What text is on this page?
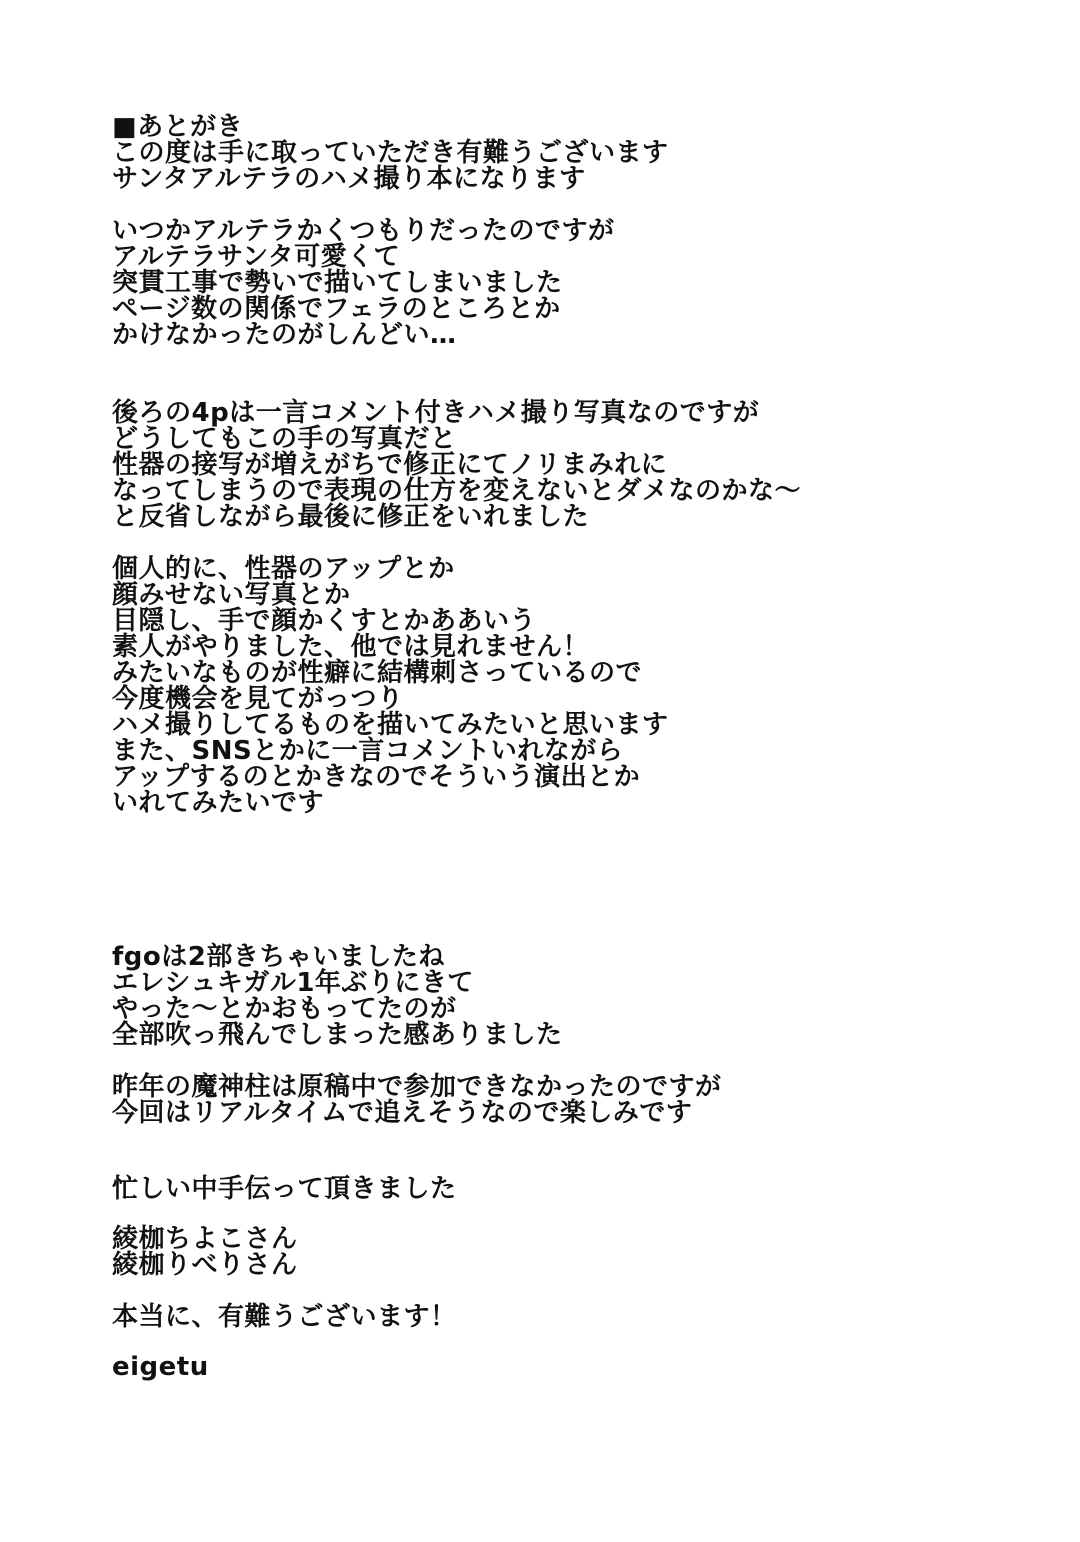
■あとがき
この度は手に取っていただき有難うございます
サンタアルテラのハメ撮り本になります
いつかアルテラかくつもりだったのですが
アルテラサンタ可愛くて
突貫工事で勢いで描いてしまいました
ページ数の関係でフェラのところとか
かけなかったのがしんどい…
後ろの4pは一言コメント付きハメ撮り写真なのですが
どうしてもこの手の写真だと
性器の接写が増えがちで修正にてノリまみれに
なってしまうので表現の仕方を変えないとダメなのかな〜
と反省しながら最後に修正をいれました
個人的に、性器のアップとか
顔みせない写真とか
目隠し、手で顔かくすとかああいう
素人がやりました、他では見れません！
みたいなものが性癖に結構刺さっているので
今度機会を見てがっつり
ハメ撮りしてるものを描いてみたいと思います
また、SNSとかに一言コメントいれながら
アップするのとかきなのでそういう演出とか
いれてみたいです
fgoは2部きちゃいましたね
エレシュキガル1年ぶりにきて
やった〜とかおもってたのが
全部吹っ飛んでしまった感ありました
昨年の魔神柱は原稿中で参加できなかったのですが
今回はリアルタイムで追えそうなので楽しみです
忙しい中手伝って頂きました
綾枷ちよこさん
綾枷りべりさん
本当に、有難うございます！
eigetu
